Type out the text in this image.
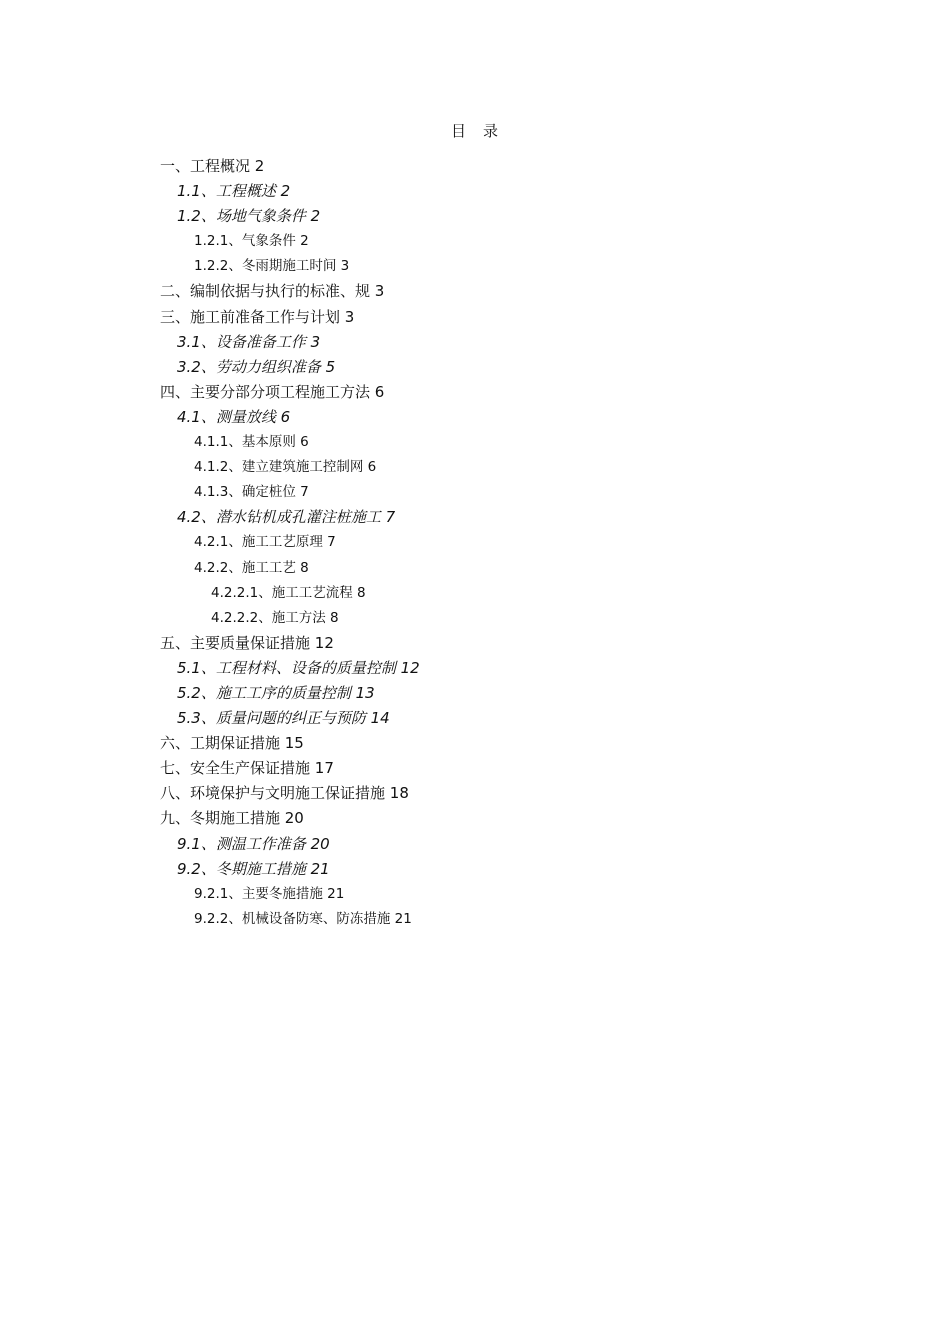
目　录
一、工程概况 2
1.1、工程概述 2
1.2、场地气象条件 2
1.2.1、气象条件 2
1.2.2、冬雨期施工时间 3
二、编制依据与执行的标准、规 3
三、施工前准备工作与计划 3
3.1、设备准备工作 3
3.2、劳动力组织准备 5
四、主要分部分项工程施工方法 6
4.1、测量放线 6
4.1.1、基本原则 6
4.1.2、建立建筑施工控制网 6
4.1.3、确定桩位 7
4.2、潜水钻机成孔灌注桩施工 7
4.2.1、施工工艺原理 7
4.2.2、施工工艺 8
4.2.2.1、施工工艺流程 8
4.2.2.2、施工方法 8
五、主要质量保证措施 12
5.1、工程材料、设备的质量控制 12
5.2、施工工序的质量控制 13
5.3、质量问题的纠正与预防 14
六、工期保证措施 15
七、安全生产保证措施 17
八、环境保护与文明施工保证措施 18
九、冬期施工措施 20
9.1、测温工作准备 20
9.2、冬期施工措施 21
9.2.1、主要冬施措施 21
9.2.2、机械设备防寒、防冻措施 21
